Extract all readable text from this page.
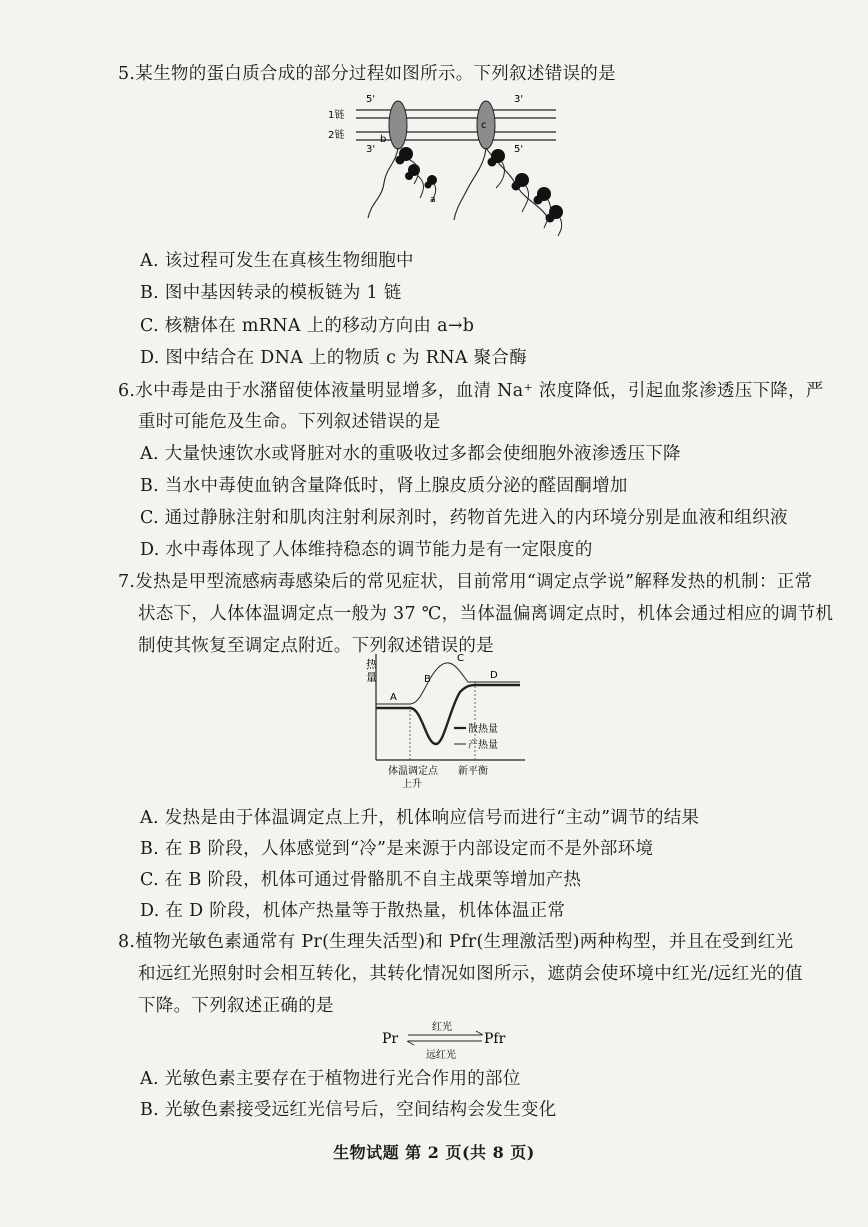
5.某生物的蛋白质合成的部分过程如图所示。下列叙述错误的是
1链
2链
5'
3'
3'
5'
c
b
a
A. 该过程可发生在真核生物细胞中
B. 图中基因转录的模板链为 1 链
C. 核糖体在 mRNA 上的移动方向由 a→b
D. 图中结合在 DNA 上的物质 c 为 RNA 聚合酶
6.水中毒是由于水潴留使体液量明显增多，血清 Na⁺ 浓度降低，引起血浆渗透压下降，严
重时可能危及生命。下列叙述错误的是
A. 大量快速饮水或肾脏对水的重吸收过多都会使细胞外液渗透压下降
B. 当水中毒使血钠含量降低时，肾上腺皮质分泌的醛固酮增加
C. 通过静脉注射和肌肉注射利尿剂时，药物首先进入的内环境分别是血液和组织液
D. 水中毒体现了人体维持稳态的调节能力是有一定限度的
7.发热是甲型流感病毒感染后的常见症状，目前常用“调定点学说”解释发热的机制：正常
状态下，人体体温调定点一般为 37 ℃，当体温偏离调定点时，机体会通过相应的调节机
制使其恢复至调定点附近。下列叙述错误的是
热
量
A
B
C
D
散热量
产热量
体温调定点
上升
新平衡
A. 发热是由于体温调定点上升，机体响应信号而进行“主动”调节的结果
B. 在 B 阶段，人体感觉到“冷”是来源于内部设定而不是外部环境
C. 在 B 阶段，机体可通过骨骼肌不自主战栗等增加产热
D. 在 D 阶段，机体产热量等于散热量，机体体温正常
8.植物光敏色素通常有 Pr(生理失活型)和 Pfr(生理激活型)两种构型，并且在受到红光
和远红光照射时会相互转化，其转化情况如图所示，遮荫会使环境中红光/远红光的值
下降。下列叙述正确的是
Pr	Pfr
红光
远红光
A. 光敏色素主要存在于植物进行光合作用的部位
B. 光敏色素接受远红光信号后，空间结构会发生变化
生物试题 第 2 页(共 8 页)
